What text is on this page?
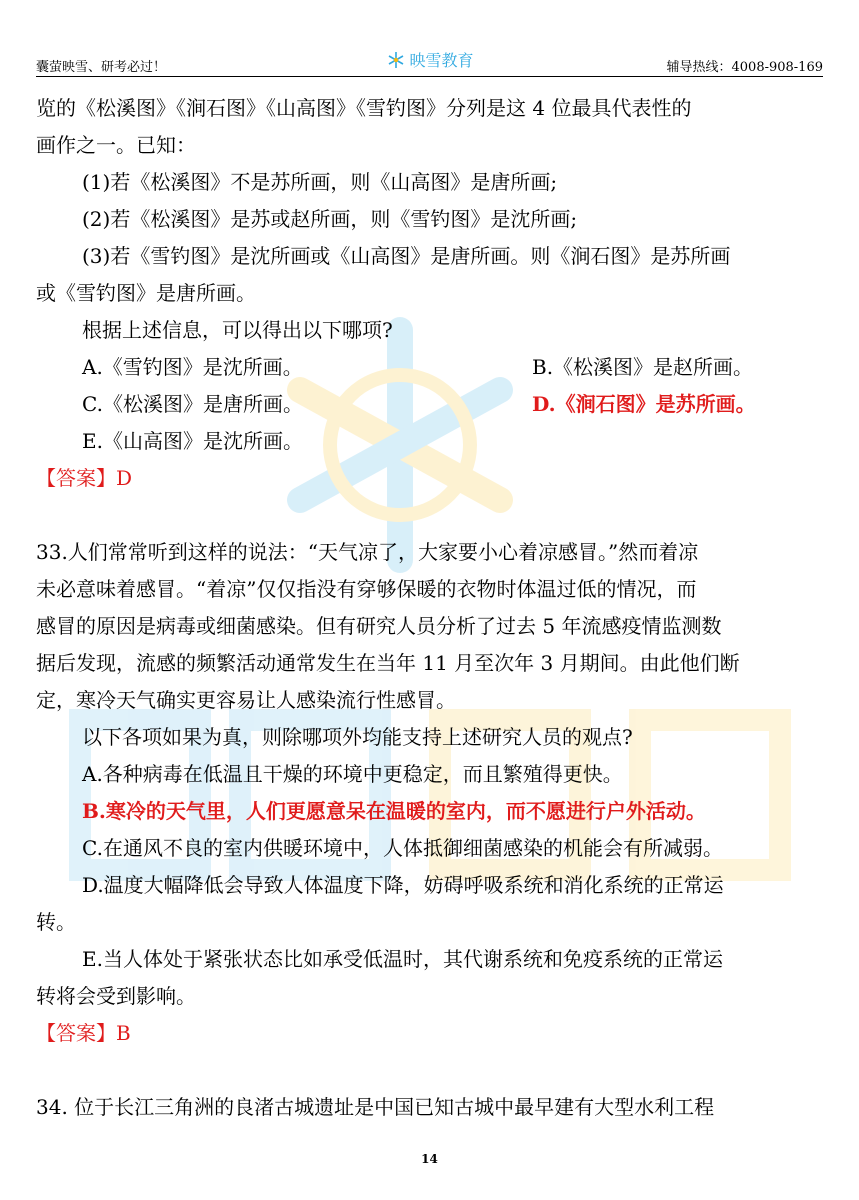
囊萤映雪、研考必过！	映雪教育	辅导热线：4008-908-169

览的《松溪图》《涧石图》《山高图》《雪钓图》分列是这 4 位最具代表性的

画作之一。已知：

(1)若《松溪图》不是苏所画，则《山高图》是唐所画;

(2)若《松溪图》是苏或赵所画，则《雪钓图》是沈所画;

(3)若《雪钓图》是沈所画或《山高图》是唐所画。则《涧石图》是苏所画

或《雪钓图》是唐所画。

根据上述信息，可以得出以下哪项?

A.《雪钓图》是沈所画。	B.《松溪图》是赵所画。
C.《松溪图》是唐所画。	D.《涧石图》是苏所画。

E.《山高图》是沈所画。

【答案】D

33.人们常常听到这样的说法：“天气凉了，大家要小心着凉感冒。”然而着凉

未必意味着感冒。“着凉”仅仅指没有穿够保暖的衣物时体温过低的情况，而

感冒的原因是病毒或细菌感染。但有研究人员分析了过去 5 年流感疫情监测数

据后发现，流感的频繁活动通常发生在当年 11 月至次年 3 月期间。由此他们断

定，寒冷天气确实更容易让人感染流行性感冒。

以下各项如果为真，则除哪项外均能支持上述研究人员的观点?

A.各种病毒在低温且干燥的环境中更稳定，而且繁殖得更快。

B.寒冷的天气里，人们更愿意呆在温暖的室内，而不愿进行户外活动。

C.在通风不良的室内供暖环境中，人体抵御细菌感染的机能会有所减弱。

D.温度大幅降低会导致人体温度下降，妨碍呼吸系统和消化系统的正常运

转。

E.当人体处于紧张状态比如承受低温时，其代谢系统和免疫系统的正常运

转将会受到影响。

【答案】B

34. 位于长江三角洲的良渚古城遗址是中国已知古城中最早建有大型水利工程

14
